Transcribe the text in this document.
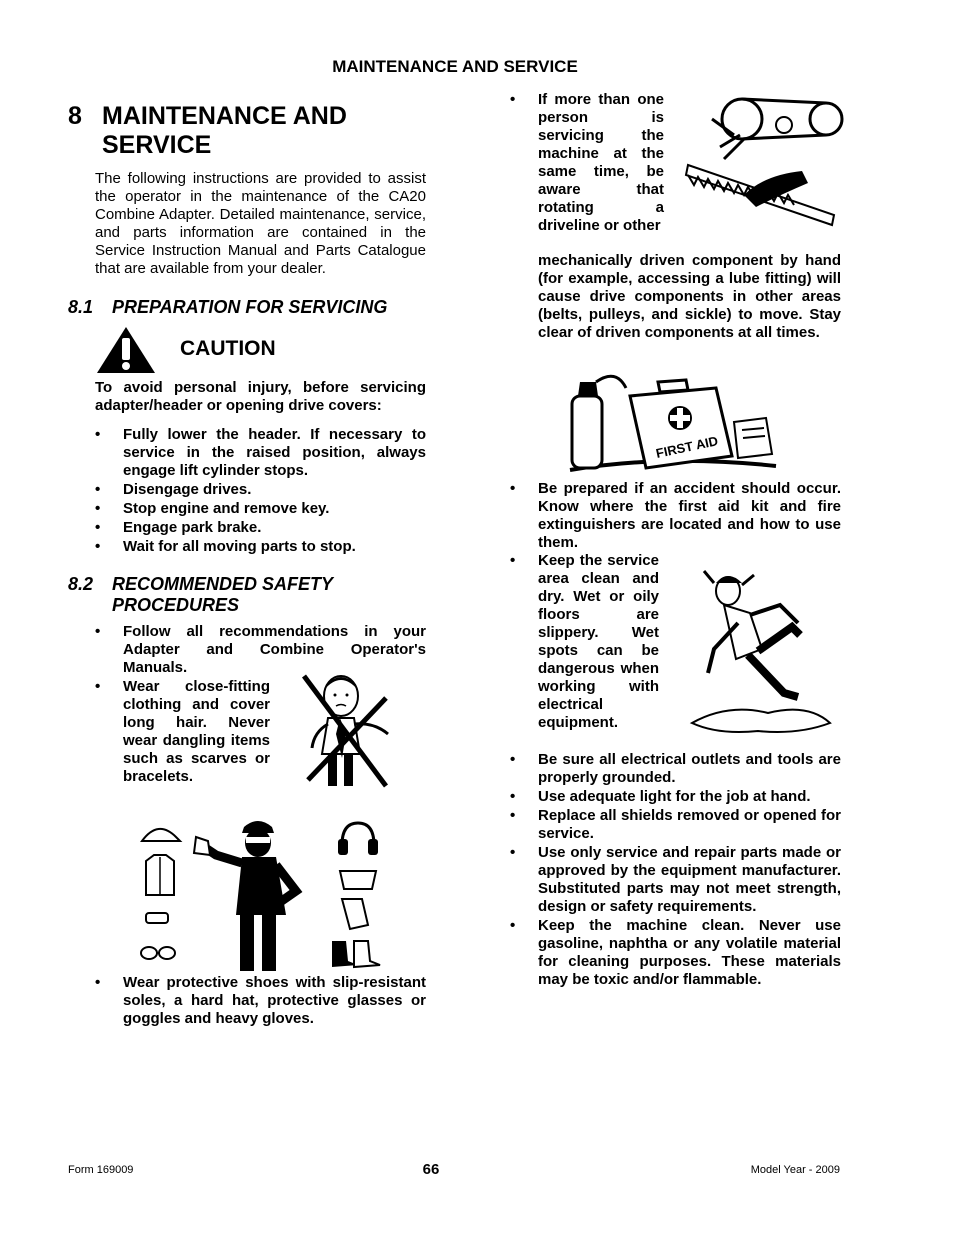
MAINTENANCE AND SERVICE
8 MAINTENANCE AND SERVICE
The following instructions are provided to assist the operator in the maintenance of the CA20 Combine Adapter. Detailed maintenance, service, and parts information are contained in the Service Instruction Manual and Parts Catalogue that are available from your dealer.
8.1 PREPARATION FOR SERVICING
CAUTION
To avoid personal injury, before servicing adapter/header or opening drive covers:
• Fully lower the header. If necessary to service in the raised position, always engage lift cylinder stops.
• Disengage drives.
• Stop engine and remove key.
• Engage park brake.
• Wait for all moving parts to stop.
8.2 RECOMMENDED SAFETY PROCEDURES
• Follow all recommendations in your Adapter and Combine Operator's Manuals.
• Wear close-fitting clothing and cover long hair. Never wear dangling items such as scarves or bracelets.
• Wear protective shoes with slip-resistant soles, a hard hat, protective glasses or goggles and heavy gloves.
• If more than one person is servicing the machine at the same time, be aware that rotating a driveline or other
mechanically driven component by hand (for example, accessing a lube fitting) will cause drive components in other areas (belts, pulleys, and sickle) to move. Stay clear of driven components at all times.
FIRST AID
• Be prepared if an accident should occur. Know where the first aid kit and fire extinguishers are located and how to use them.
• Keep the service area clean and dry. Wet or oily floors are slippery. Wet spots can be dangerous when working with electrical equipment.
• Be sure all electrical outlets and tools are properly grounded.
• Use adequate light for the job at hand.
• Replace all shields removed or opened for service.
• Use only service and repair parts made or approved by the equipment manufacturer. Substituted parts may not meet strength, design or safety requirements.
• Keep the machine clean. Never use gasoline, naphtha or any volatile material for cleaning purposes. These materials may be toxic and/or flammable.
Form 169009	66	Model Year - 2009
